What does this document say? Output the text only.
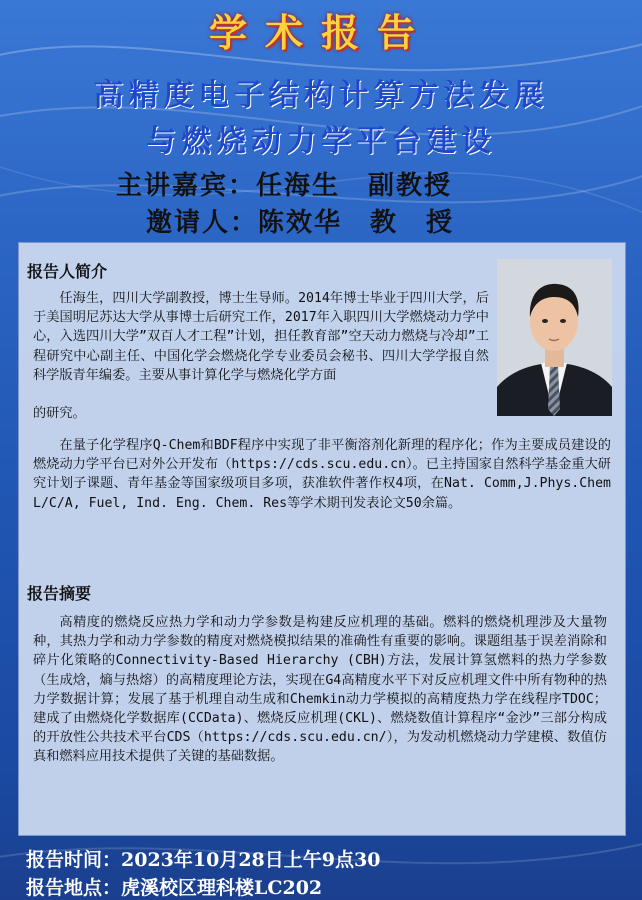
学术报告
高精度电子结构计算方法发展
与燃烧动力学平台建设
主讲嘉宾：任海生　副教授
邀请人：陈效华　教　授
报告人简介

任海生，四川大学副教授，博士生导师。2014年博士毕业于四川大学，后于美国明尼苏达大学从事博士后研究工作，2017年入职四川大学燃烧动力学中心，入选四川大学”双百人才工程”计划，担任教育部”空天动力燃烧与冷却”工程研究中心副主任、中国化学会燃烧化学专业委员会秘书、四川大学学报自然科学版青年编委。主要从事计算化学与燃烧化学方面

的研究。

在量子化学程序Q-Chem和BDF程序中实现了非平衡溶剂化新理的程序化；作为主要成员建设的燃烧动力学平台已对外公开发布（https://cds.scu.edu.cn）。已主持国家自然科学基金重大研究计划子课题、青年基金等国家级项目多项，获准软件著作权4项，在Nat. Comm,J.Phys.Chem L/C/A, Fuel, Ind. Eng. Chem. Res等学术期刊发表论文50余篇。

报告摘要

高精度的燃烧反应热力学和动力学参数是构建反应机理的基础。燃料的燃烧机理涉及大量物种，其热力学和动力学参数的精度对燃烧模拟结果的准确性有重要的影响。课题组基于误差消除和碎片化策略的Connectivity-Based Hierarchy (CBH)方法，发展计算氢燃料的热力学参数（生成焓，熵与热熔）的高精度理论方法，实现在G4高精度水平下对反应机理文件中所有物种的热力学数据计算；发展了基于机理自动生成和Chemkin动力学模拟的高精度热力学在线程序TDOC；建成了由燃烧化学数据库(CCData)、燃烧反应机理(CKL)、燃烧数值计算程序“金沙”三部分构成的开放性公共技术平台CDS（https://cds.scu.edu.cn/），为发动机燃烧动力学建模、数值仿真和燃料应用技术提供了关键的基础数据。

报告时间：2023年10月28日上午9点30
报告地点：虎溪校区理科楼LC202
